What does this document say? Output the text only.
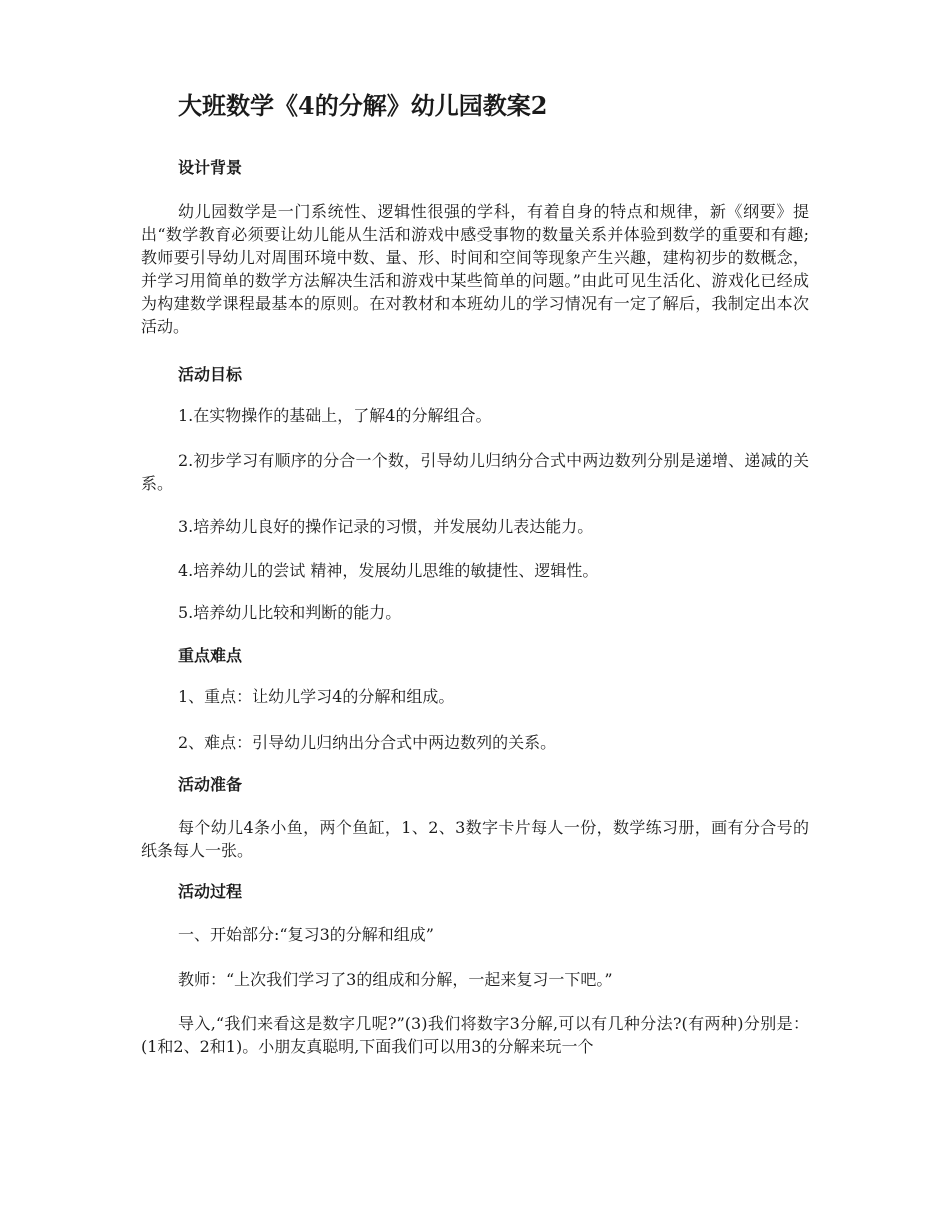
大班数学《4的分解》幼儿园教案2
设计背景

幼儿园数学是一门系统性、逻辑性很强的学科，有着自身的特点和规律，新《纲要》提出“数学教育必须要让幼儿能从生活和游戏中感受事物的数量关系并体验到数学的重要和有趣;教师要引导幼儿对周围环境中数、量、形、时间和空间等现象产生兴趣，建构初步的数概念，并学习用简单的数学方法解决生活和游戏中某些简单的问题。”由此可见生活化、游戏化已经成为构建数学课程最基本的原则。在对教材和本班幼儿的学习情况有一定了解后，我制定出本次活动。

活动目标

1.在实物操作的基础上，了解4的分解组合。

2.初步学习有顺序的分合一个数，引导幼儿归纳分合式中两边数列分别是递增、递减的关系。

3.培养幼儿良好的操作记录的习惯，并发展幼儿表达能力。

4.培养幼儿的尝试 精神，发展幼儿思维的敏捷性、逻辑性。

5.培养幼儿比较和判断的能力。

重点难点

1、重点：让幼儿学习4的分解和组成。

2、难点：引导幼儿归纳出分合式中两边数列的关系。

活动准备

每个幼儿4条小鱼，两个鱼缸，1、2、3数字卡片每人一份，数学练习册，画有分合号的纸条每人一张。

活动过程

一、开始部分:“复习3的分解和组成”

教师：“上次我们学习了3的组成和分解，一起来复习一下吧。”

导入,“我们来看这是数字几呢?”(3)我们将数字3分解,可以有几种分法?(有两种)分别是：(1和2、2和1)。小朋友真聪明,下面我们可以用3的分解来玩一个
